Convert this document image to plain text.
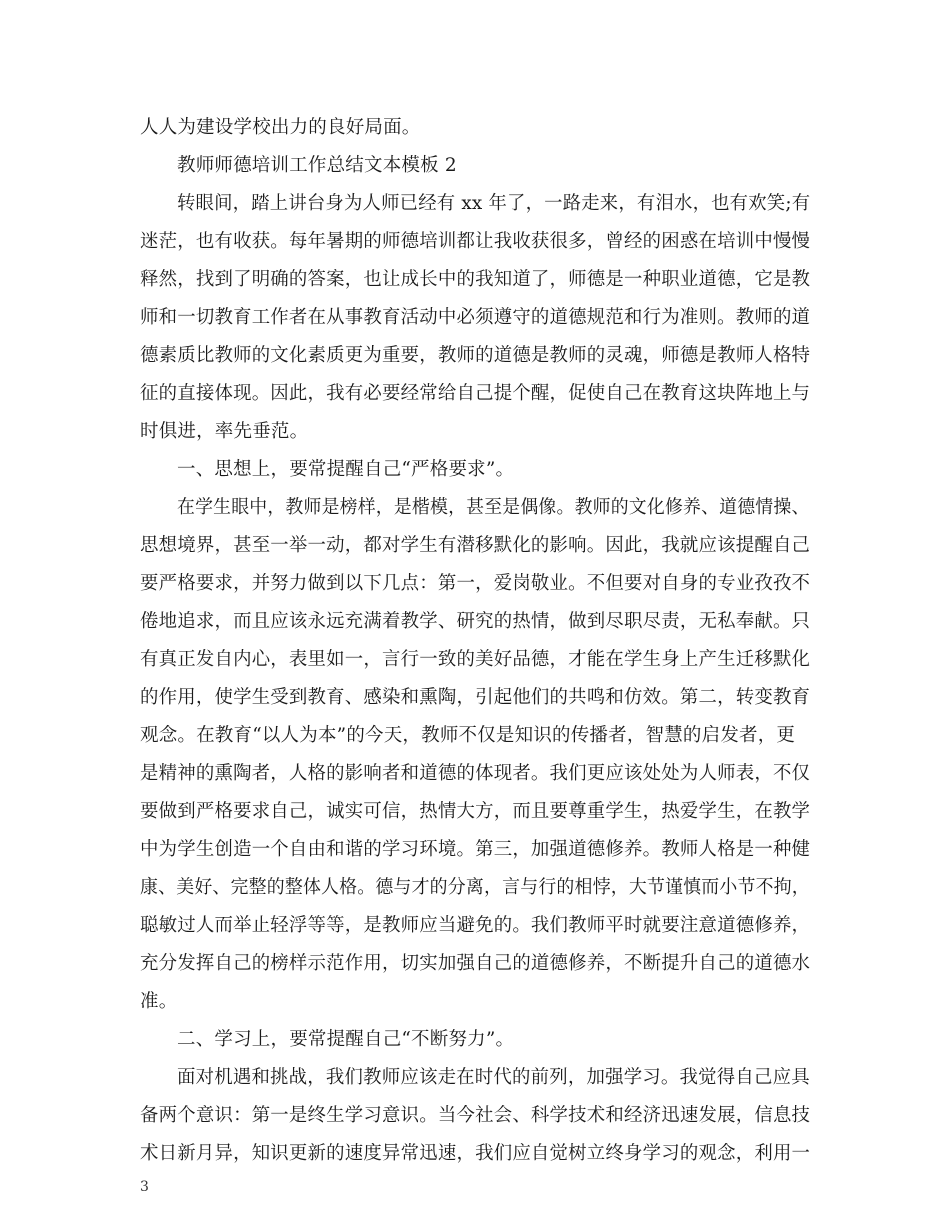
人人为建设学校出力的良好局面。
教师师德培训工作总结文本模板 2
转眼间，踏上讲台身为人师已经有 xx 年了，一路走来，有泪水，也有欢笑;有
迷茫，也有收获。每年暑期的师德培训都让我收获很多，曾经的困惑在培训中慢慢
释然，找到了明确的答案，也让成长中的我知道了，师德是一种职业道德，它是教
师和一切教育工作者在从事教育活动中必须遵守的道德规范和行为准则。教师的道
德素质比教师的文化素质更为重要，教师的道德是教师的灵魂，师德是教师人格特
征的直接体现。因此，我有必要经常给自己提个醒，促使自己在教育这块阵地上与
时俱进，率先垂范。
一、思想上，要常提醒自己“严格要求”。
在学生眼中，教师是榜样，是楷模，甚至是偶像。教师的文化修养、道德情操、
思想境界，甚至一举一动，都对学生有潜移默化的影响。因此，我就应该提醒自己
要严格要求，并努力做到以下几点：第一，爱岗敬业。不但要对自身的专业孜孜不
倦地追求，而且应该永远充满着教学、研究的热情，做到尽职尽责，无私奉献。只
有真正发自内心，表里如一，言行一致的美好品德，才能在学生身上产生迁移默化
的作用，使学生受到教育、感染和熏陶，引起他们的共鸣和仿效。第二，转变教育
观念。在教育“以人为本”的今天，教师不仅是知识的传播者，智慧的启发者，更
是精神的熏陶者，人格的影响者和道德的体现者。我们更应该处处为人师表，不仅
要做到严格要求自己，诚实可信，热情大方，而且要尊重学生，热爱学生，在教学
中为学生创造一个自由和谐的学习环境。第三，加强道德修养。教师人格是一种健
康、美好、完整的整体人格。德与才的分离，言与行的相悖，大节谨慎而小节不拘，
聪敏过人而举止轻浮等等，是教师应当避免的。我们教师平时就要注意道德修养，
充分发挥自己的榜样示范作用，切实加强自己的道德修养，不断提升自己的道德水
准。
二、学习上，要常提醒自己“不断努力”。
面对机遇和挑战，我们教师应该走在时代的前列，加强学习。我觉得自己应具
备两个意识：第一是终生学习意识。当今社会、科学技术和经济迅速发展，信息技
术日新月异，知识更新的速度异常迅速，我们应自觉树立终身学习的观念，利用一
3
